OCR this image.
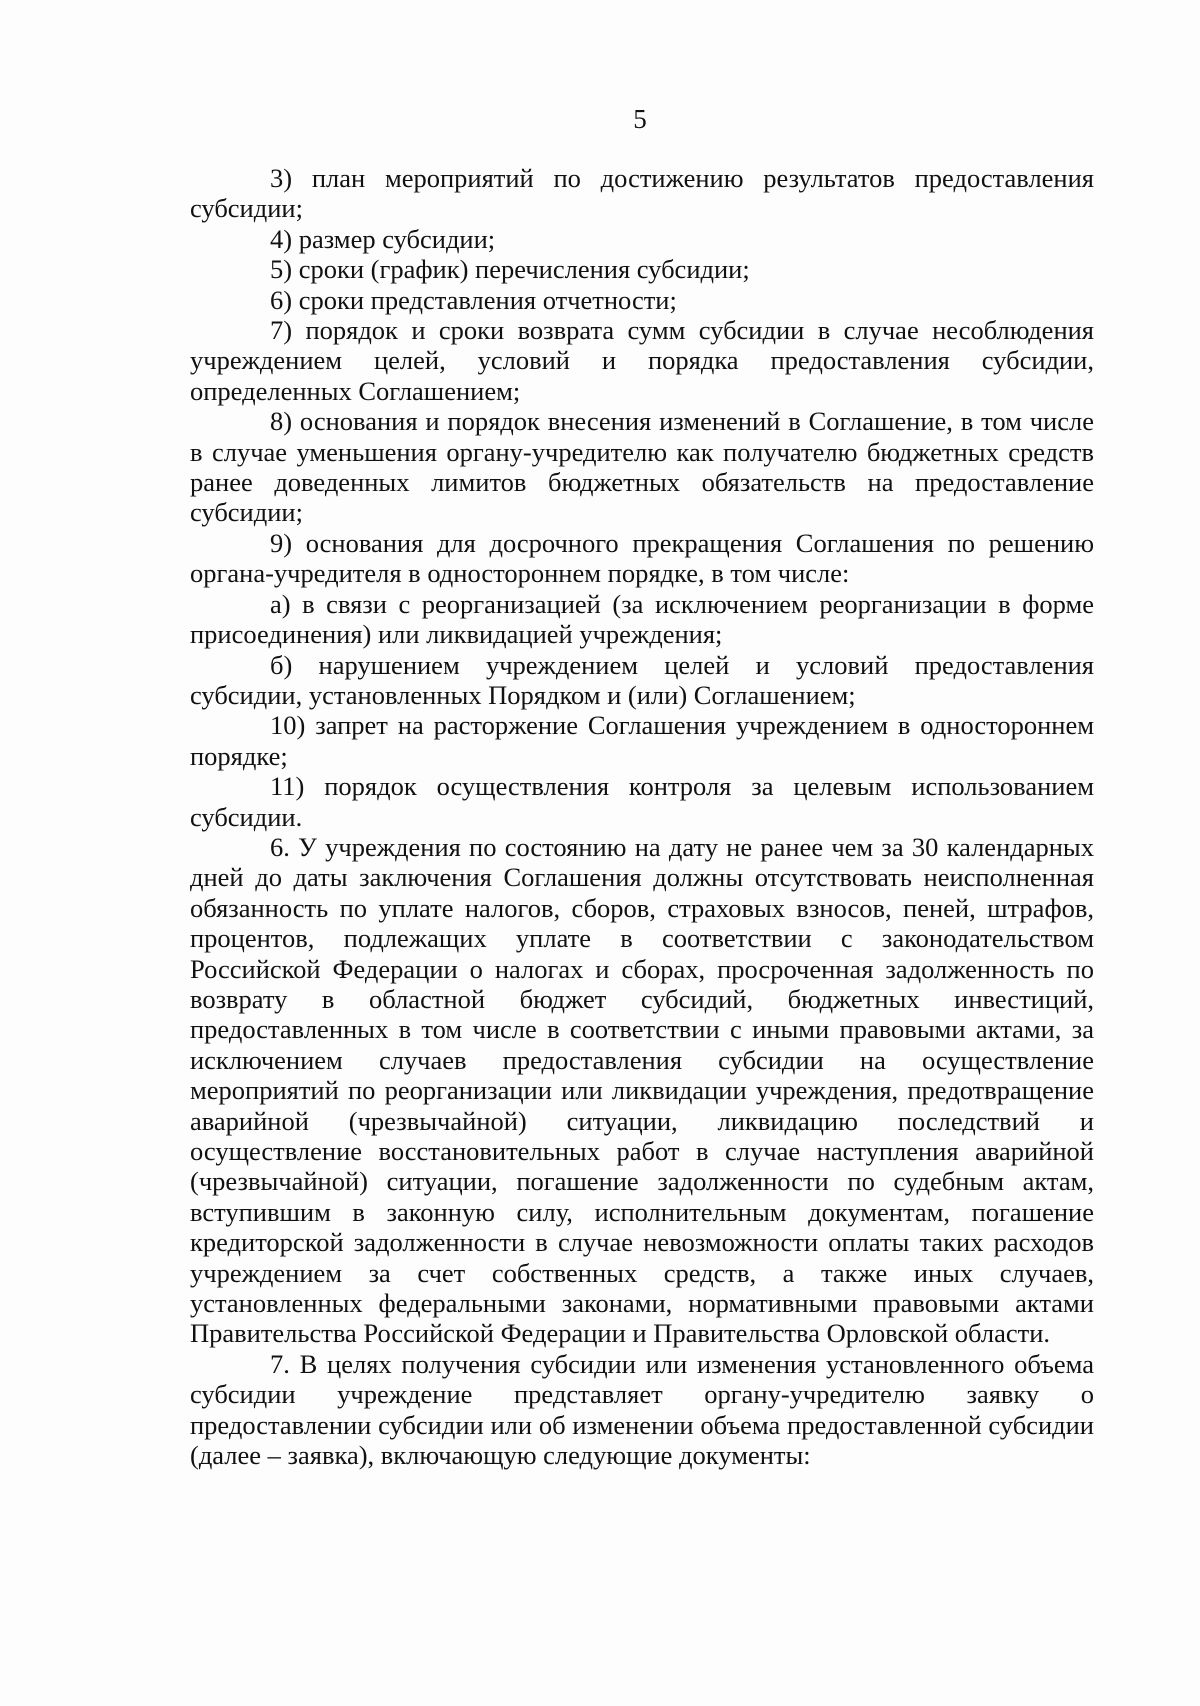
5

3) план мероприятий по достижению результатов предоставления субсидии;

4) размер субсидии;

5) сроки (график) перечисления субсидии;

6) сроки представления отчетности;

7) порядок и сроки возврата сумм субсидии в случае несоблюдения учреждением целей, условий и порядка предоставления субсидии, определенных Соглашением;

8) основания и порядок внесения изменений в Соглашение, в том числе в случае уменьшения органу-учредителю как получателю бюджетных средств ранее доведенных лимитов бюджетных обязательств на предоставление субсидии;

9) основания для досрочного прекращения Соглашения по решению органа-учредителя в одностороннем порядке, в том числе:

а) в связи с реорганизацией (за исключением реорганизации в форме присоединения) или ликвидацией учреждения;

б) нарушением учреждением целей и условий предоставления субсидии, установленных Порядком и (или) Соглашением;

10) запрет на расторжение Соглашения учреждением в одностороннем порядке;

11) порядок осуществления контроля за целевым использованием субсидии.

6. У учреждения по состоянию на дату не ранее чем за 30 календарных дней до даты заключения Соглашения должны отсутствовать неисполненная обязанность по уплате налогов, сборов, страховых взносов, пеней, штрафов, процентов, подлежащих уплате в соответствии с законодательством Российской Федерации о налогах и сборах, просроченная задолженность по возврату в областной бюджет субсидий, бюджетных инвестиций, предоставленных в том числе в соответствии с иными правовыми актами, за исключением случаев предоставления субсидии на осуществление мероприятий по реорганизации или ликвидации учреждения, предотвращение аварийной (чрезвычайной) ситуации, ликвидацию последствий и осуществление восстановительных работ в случае наступления аварийной (чрезвычайной) ситуации, погашение задолженности по судебным актам, вступившим в законную силу, исполнительным документам, погашение кредиторской задолженности в случае невозможности оплаты таких расходов учреждением за счет собственных средств, а также иных случаев, установленных федеральными законами, нормативными правовыми актами Правительства Российской Федерации и Правительства Орловской области.

7. В целях получения субсидии или изменения установленного объема субсидии учреждение представляет органу-учредителю заявку о предоставлении субсидии или об изменении объема предоставленной субсидии (далее – заявка), включающую следующие документы:
